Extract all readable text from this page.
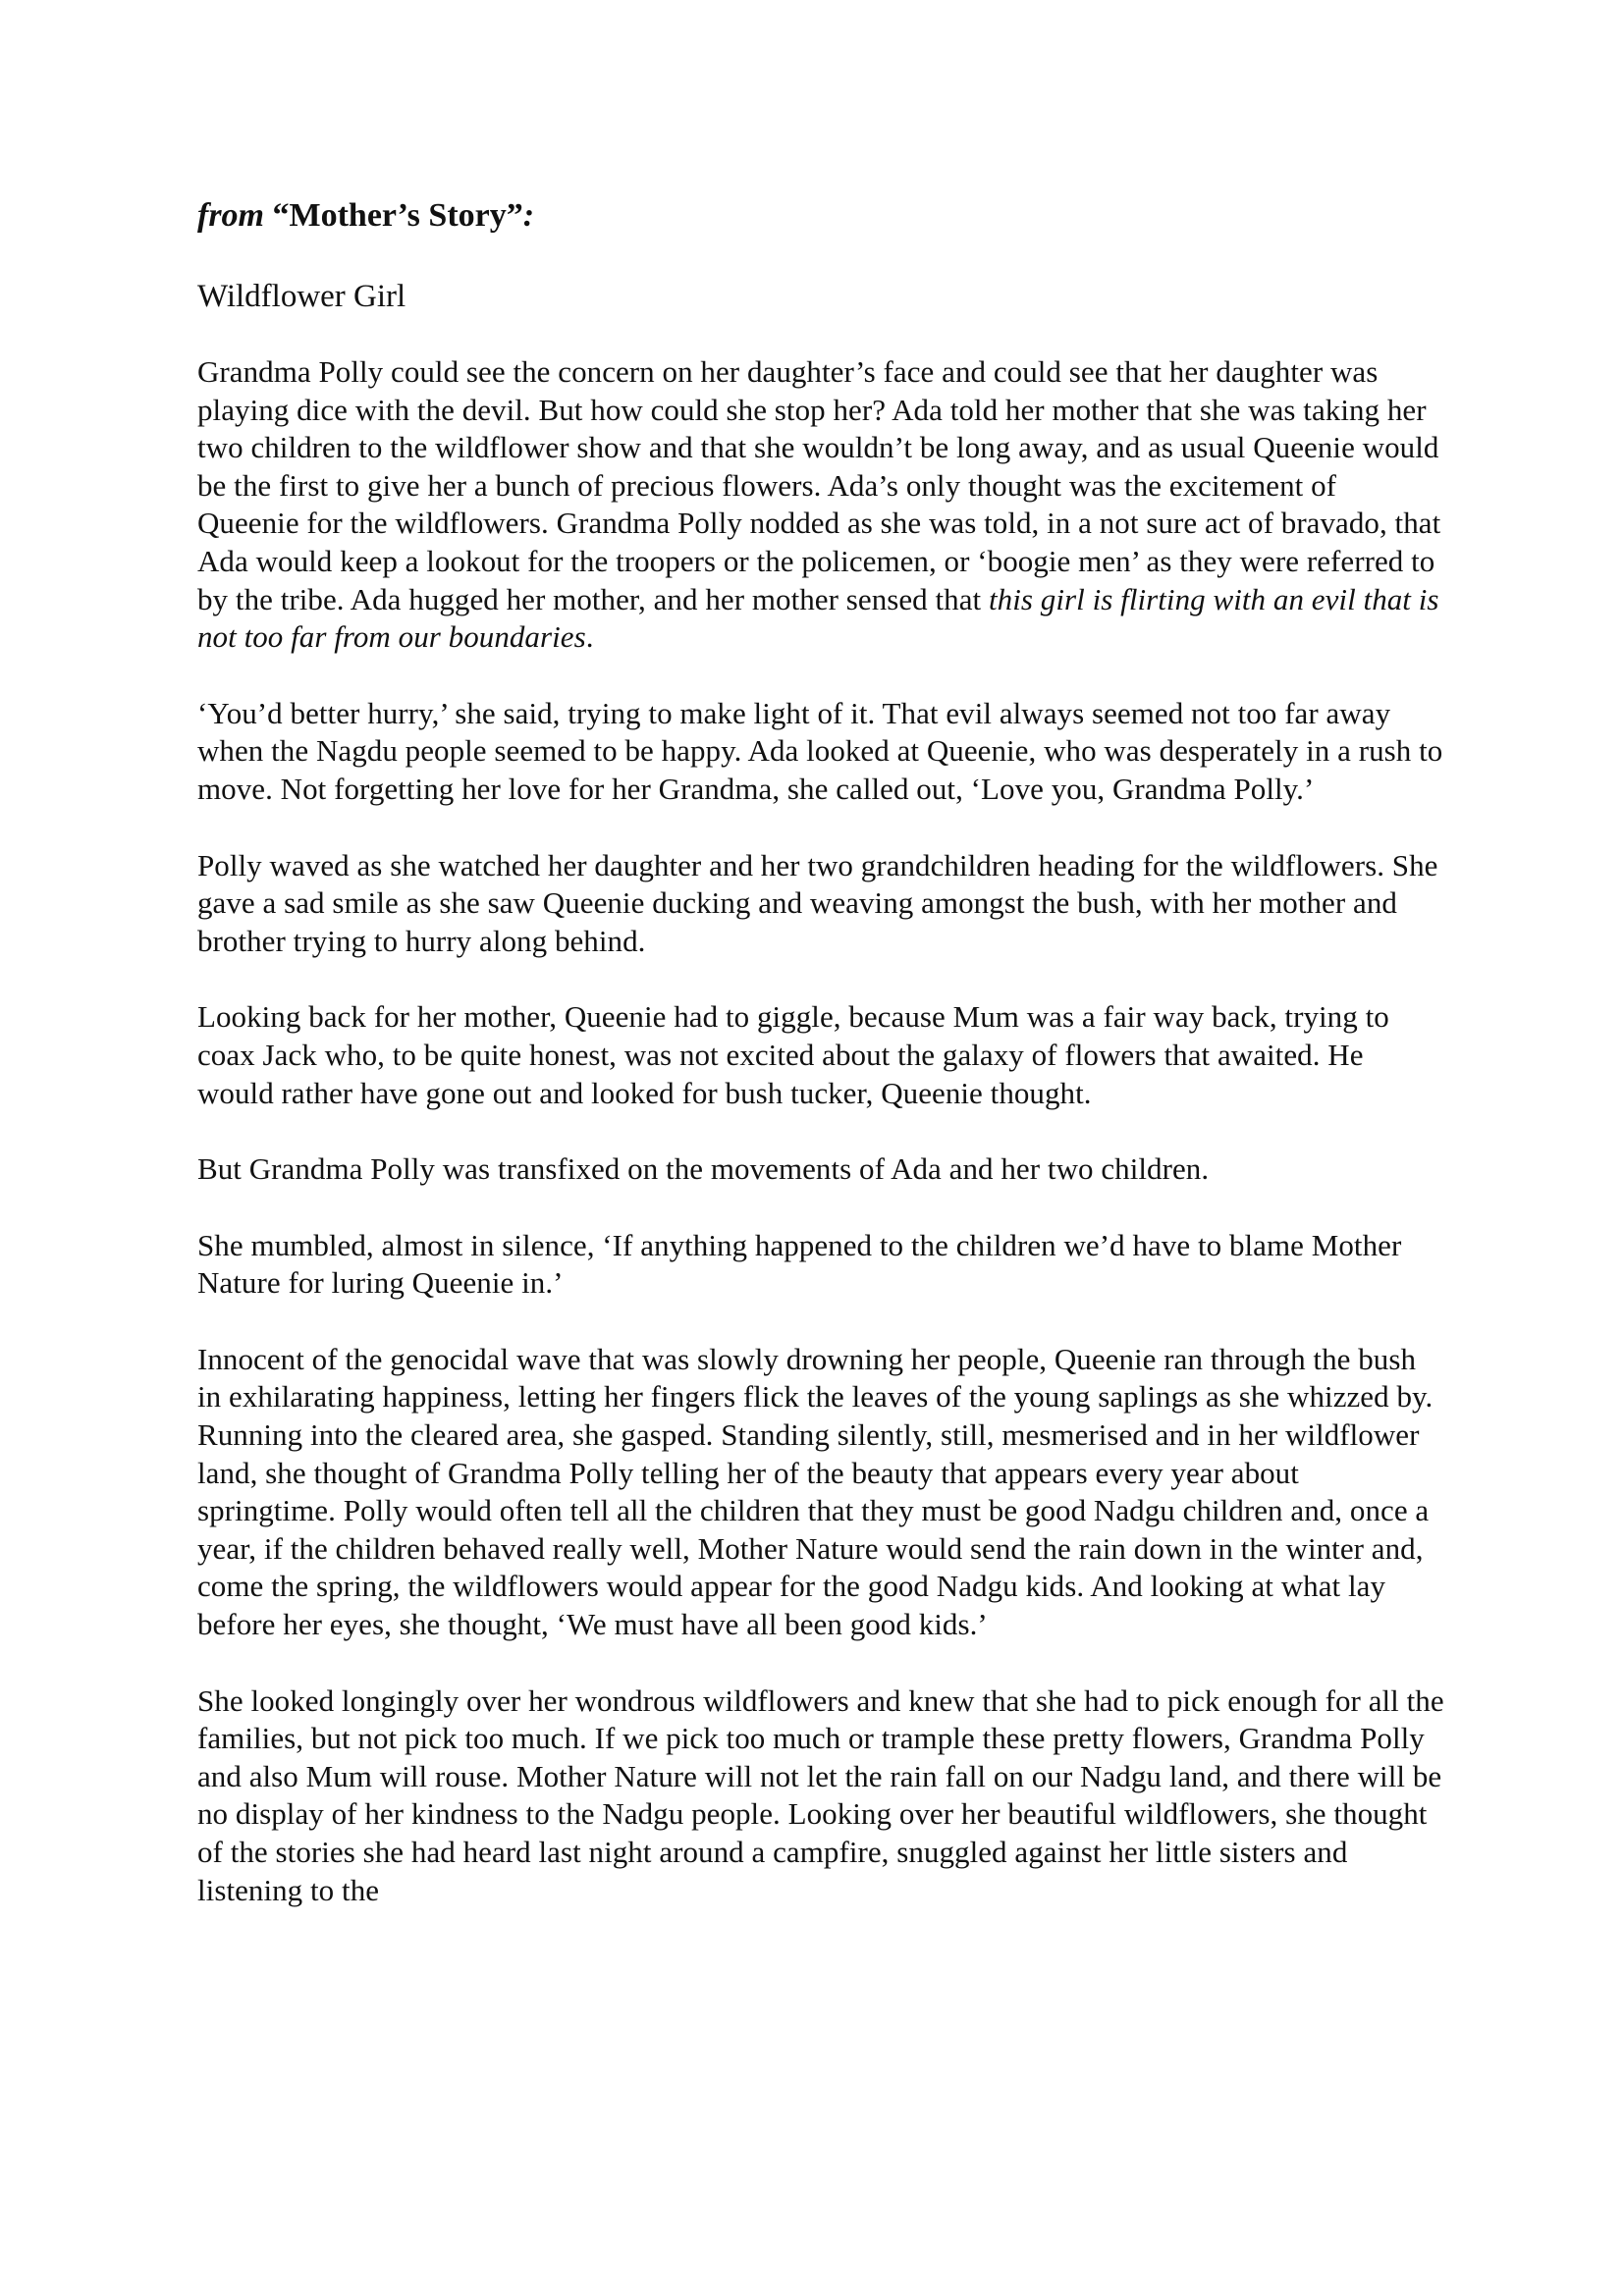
from “Mother’s Story”:
Wildflower Girl

Grandma Polly could see the concern on her daughter’s face and could see that her daughter was playing dice with the devil. But how could she stop her? Ada told her mother that she was taking her two children to the wildflower show and that she wouldn’t be long away, and as usual Queenie would be the first to give her a bunch of precious flowers. Ada’s only thought was the excitement of Queenie for the wildflowers. Grandma Polly nodded as she was told, in a not sure act of bravado, that Ada would keep a lookout for the troopers or the policemen, or ‘boogie men’ as they were referred to by the tribe. Ada hugged her mother, and her mother sensed that this girl is flirting with an evil that is not too far from our boundaries.

‘You’d better hurry,’ she said, trying to make light of it. That evil always seemed not too far away when the Nagdu people seemed to be happy. Ada looked at Queenie, who was desperately in a rush to move. Not forgetting her love for her Grandma, she called out, ‘Love you, Grandma Polly.’

Polly waved as she watched her daughter and her two grandchildren heading for the wildflowers. She gave a sad smile as she saw Queenie ducking and weaving amongst the bush, with her mother and brother trying to hurry along behind.

Looking back for her mother, Queenie had to giggle, because Mum was a fair way back, trying to coax Jack who, to be quite honest, was not excited about the galaxy of flowers that awaited. He would rather have gone out and looked for bush tucker, Queenie thought.

But Grandma Polly was transfixed on the movements of Ada and her two children.

She mumbled, almost in silence, ‘If anything happened to the children we’d have to blame Mother Nature for luring Queenie in.’

Innocent of the genocidal wave that was slowly drowning her people, Queenie ran through the bush in exhilarating happiness, letting her fingers flick the leaves of the young saplings as she whizzed by. Running into the cleared area, she gasped. Standing silently, still, mesmerised and in her wildflower land, she thought of Grandma Polly telling her of the beauty that appears every year about springtime. Polly would often tell all the children that they must be good Nadgu children and, once a year, if the children behaved really well, Mother Nature would send the rain down in the winter and, come the spring, the wildflowers would appear for the good Nadgu kids. And looking at what lay before her eyes, she thought, ‘We must have all been good kids.’

She looked longingly over her wondrous wildflowers and knew that she had to pick enough for all the families, but not pick too much. If we pick too much or trample these pretty flowers, Grandma Polly and also Mum will rouse. Mother Nature will not let the rain fall on our Nadgu land, and there will be no display of her kindness to the Nadgu people. Looking over her beautiful wildflowers, she thought of the stories she had heard last night around a campfire, snuggled against her little sisters and listening to the
